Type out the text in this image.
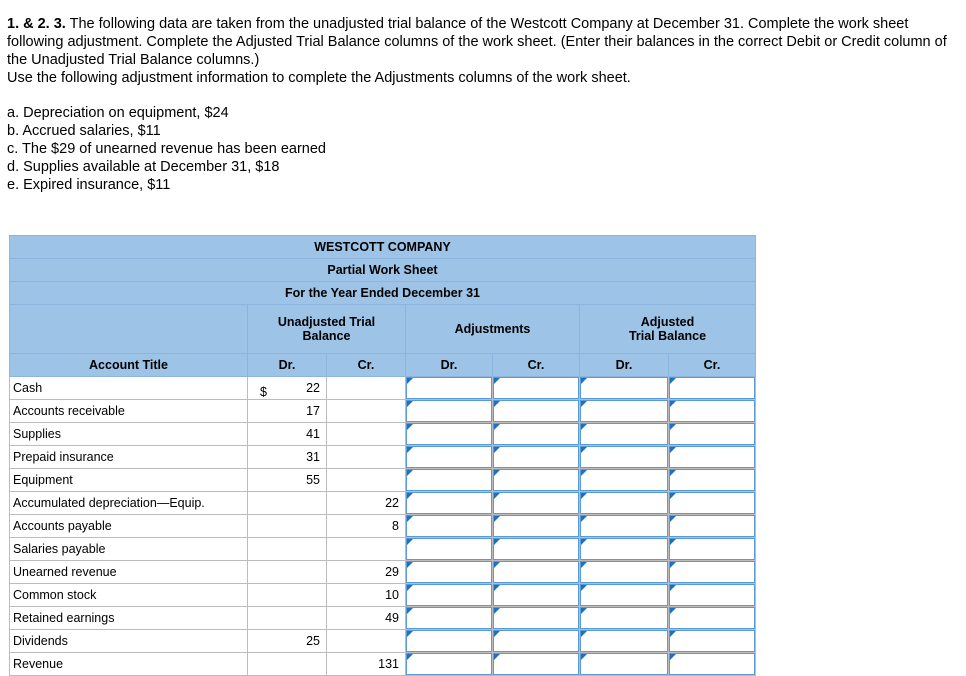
1. & 2. 3. The following data are taken from the unadjusted trial balance of the Westcott Company at December 31. Complete the work sheet following adjustment. Complete the Adjusted Trial Balance columns of the work sheet. (Enter their balances in the correct Debit or Credit column of the Unadjusted Trial Balance columns.)
Use the following adjustment information to complete the Adjustments columns of the work sheet.
a. Depreciation on equipment, $24
b. Accrued salaries, $11
c. The $29 of unearned revenue has been earned
d. Supplies available at December 31, $18
e. Expired insurance, $11
WESTCOTT COMPANY						
Partial Work Sheet						
For the Year Ended December 31						
	Unadjusted Trial
Balance		Adjustments		Adjusted
Trial Balance	
Account Title	Dr.	Cr.	Dr.	Cr.	Dr.	Cr.
Cash	$ 22

Accounts receivable	17

Supplies	41

Prepaid insurance	31

Equipment	55

Accumulated depreciation—Equip.		22

Accounts payable		8

Salaries payable	

Unearned revenue		29

Common stock		10

Retained earnings		49

Dividends	25

Revenue		131
